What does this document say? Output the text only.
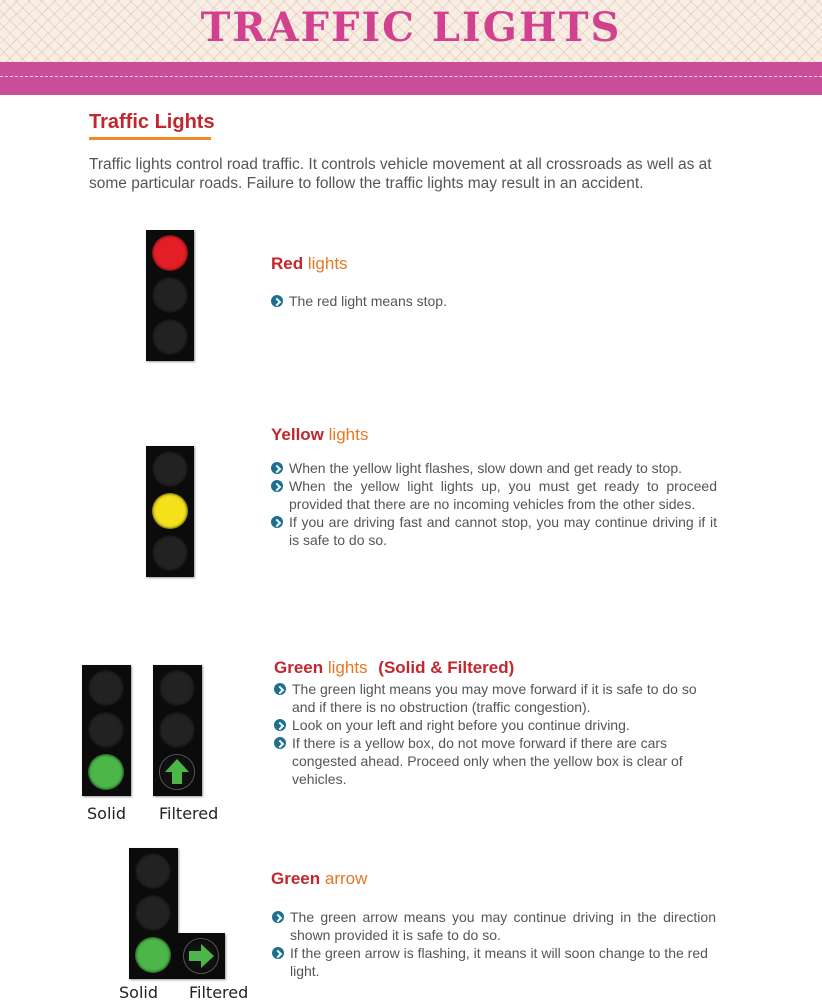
TRAFFIC LIGHTS
Traffic Lights

Traffic lights control road traffic. It controls vehicle movement at all crossroads as well as at some particular roads. Failure to follow the traffic lights may result in an accident.

Red lights
The red light means stop.
Yellow lights
When the yellow light flashes, slow down and get ready to stop.
When the yellow light lights up, you must get ready to proceed provided that there are no incoming vehicles from the other sides.
If you are driving fast and cannot stop, you may continue driving if it is safe to do so.
Solid Filtered
Green lights (Solid & Filtered)
The green light means you may move forward if it is safe to do so and if there is no obstruction (traffic congestion).
Look on your left and right before you continue driving.
If there is a yellow box, do not move forward if there are cars congested ahead. Proceed only when the yellow box is clear of vehicles.
Solid Filtered
Green arrow
The green arrow means you may continue driving in the direction shown provided it is safe to do so.
If the green arrow is flashing, it means it will soon change to the red light.
